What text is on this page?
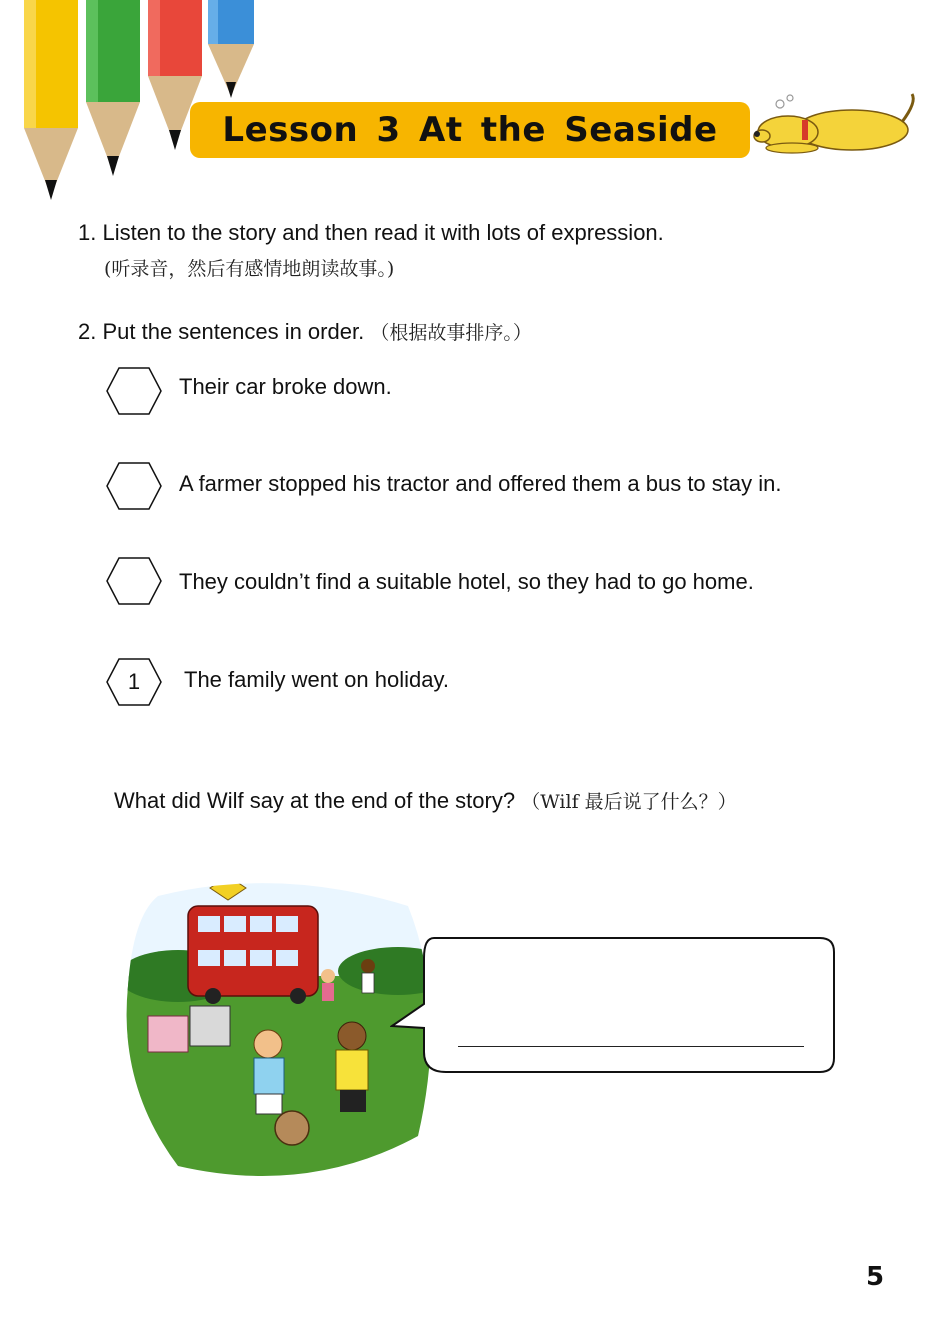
Lesson 3 At the Seaside
1. Listen to the story and then read it with lots of expression.
(听录音，然后有感情地朗读故事。)
2. Put the sentences in order. （根据故事排序。）
Their car broke down.
A farmer stopped his tractor and offered them a bus to stay in.
They couldn’t find a suitable hotel, so they had to go home.
1	The family went on holiday.
What did Wilf say at the end of the story? （Wilf 最后说了什么？）
5
